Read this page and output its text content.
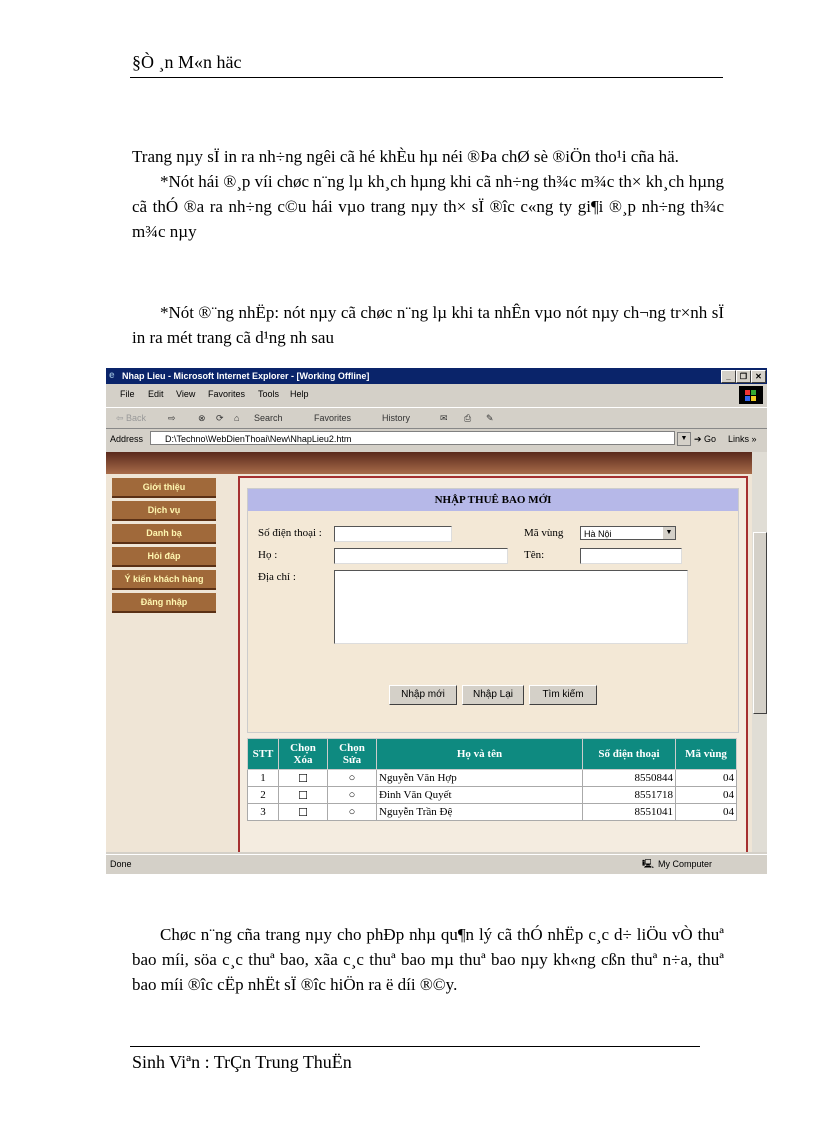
§Ò ¸n M«n häc

Trang nµy sÏ in ra nh÷ng ngêi cã hé khÈu hµ néi ®Þa chØ sè ®iÖn tho¹i cña hä.

*Nót hái ®¸p víi chøc n¨ng lµ kh¸ch hµng khi cã nh÷ng th¾c m¾c th× kh¸ch hµng cã thÓ ®a ra nh÷ng c©u hái vµo trang nµy th× sÏ ®îc c«ng ty gi¶i ®¸p nh÷ng th¾c m¾c nµy

*Nót ®¨ng nhËp: nót nµy cã chøc n¨ng lµ khi ta nhÊn vµo nót nµy ch¬ng tr×nh sÏ in ra mét trang cã d¹ng nh sau

e Nhap Lieu - Microsoft Internet Explorer - [Working Offline]	_	❐	✕
File Edit View Favorites Tools Help
⇦ Back ⇨ ⊗ ⟳ ⌂ Search	Favorites	History	✉ ⎙ ✎
Address	D:\Techno\WebDienThoai\New\NhapLieu2.htm	▼ ➔ Go Links »
Giới thiệu
Dịch vụ
Danh bạ
Hỏi đáp
Ý kiến khách hàng
Đăng nhập
NHẬP THUÊ BAO MỚI
Số điện thoại :	Mã vùng	Hà Nội	▼
Họ :	Tên:
Địa chỉ :
Nhập mới	Nhập Lại	Tìm kiếm
STT	Chọn Xóa	Chọn Sửa	Họ và tên	Số điện thoại	Mã vùng
1	☐	○	Nguyễn Văn Hợp	8550844	04
2	☐	○	Đinh Văn Quyết	8551718	04
3	☐	○	Nguyễn Trần Đệ	8551041	04
Done	🖳 My Computer

Chøc n¨ng cña trang nµy cho phÐp nhµ qu¶n lý cã thÓ nhËp c¸c d÷ liÖu vÒ thuª bao míi, söa c¸c thuª bao, xãa c¸c thuª bao mµ thuª bao nµy kh«ng cßn thuª n÷a, thuª bao míi ®îc cËp nhËt sÏ ®îc hiÖn ra ë díi ®©y.

Sinh Viªn : TrÇn Trung ThuËn
